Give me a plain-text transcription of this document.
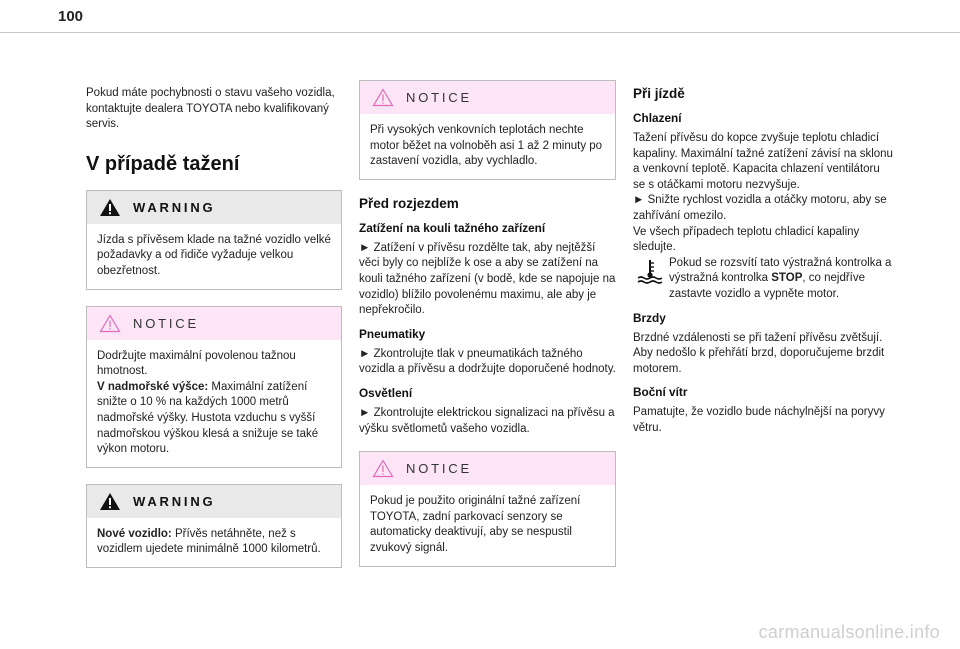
100

Pokud máte pochybnosti o stavu vašeho vozidla, kontaktujte dealera TOYOTA nebo kvalifikovaný servis.

V případě tažení
WARNING

Jízda s přívěsem klade na tažné vozidlo velké požadavky a od řidiče vyžaduje velkou obezřetnost.

NOTICE

Dodržujte maximální povolenou tažnou hmotnost.

V nadmořské výšce: Maximální zatížení snižte o 10 % na každých 1000 metrů nadmořské výšky. Hustota vzduchu s vyšší nadmořskou výškou klesá a snižuje se také výkon motoru.

WARNING

Nové vozidlo: Přívěs netáhněte, než s vozidlem ujedete minimálně 1000 kilometrů.

NOTICE

Při vysokých venkovních teplotách nechte motor běžet na volnoběh asi 1 až 2 minuty po zastavení vozidla, aby vychladlo.

Před rozjezdem
Zatížení na kouli tažného zařízení

► Zatížení v přívěsu rozdělte tak, aby nejtěžší věci byly co nejblíže k ose a aby se zatížení na kouli tažného zařízení (v bodě, kde se napojuje na vozidlo) blížilo povolenému maximu, ale aby je nepřekročilo.

Pneumatiky

► Zkontrolujte tlak v pneumatikách tažného vozidla a přívěsu a dodržujte doporučené hodnoty.

Osvětlení

► Zkontrolujte elektrickou signalizaci na přívěsu a výšku světlometů vašeho vozidla.

NOTICE

Pokud je použito originální tažné zařízení TOYOTA, zadní parkovací senzory se automaticky deaktivují, aby se nespustil zvukový signál.

Při jízdě
Chlazení

Tažení přívěsu do kopce zvyšuje teplotu chladicí kapaliny. Maximální tažné zatížení závisí na sklonu a venkovní teplotě. Kapacita chlazení ventilátoru se s otáčkami motoru nezvyšuje.

► Snižte rychlost vozidla a otáčky motoru, aby se zahřívání omezilo.

Ve všech případech teplotu chladicí kapaliny sledujte.

Pokud se rozsvítí tato výstražná kontrolka a výstražná kontrolka STOP, co nejdříve zastavte vozidlo a vypněte motor.

Brzdy

Brzdné vzdálenosti se při tažení přívěsu zvětšují. Aby nedošlo k přehřátí brzd, doporučujeme brzdit motorem.

Boční vítr

Pamatujte, že vozidlo bude náchylnější na poryvy větru.

carmanualsonline.info
